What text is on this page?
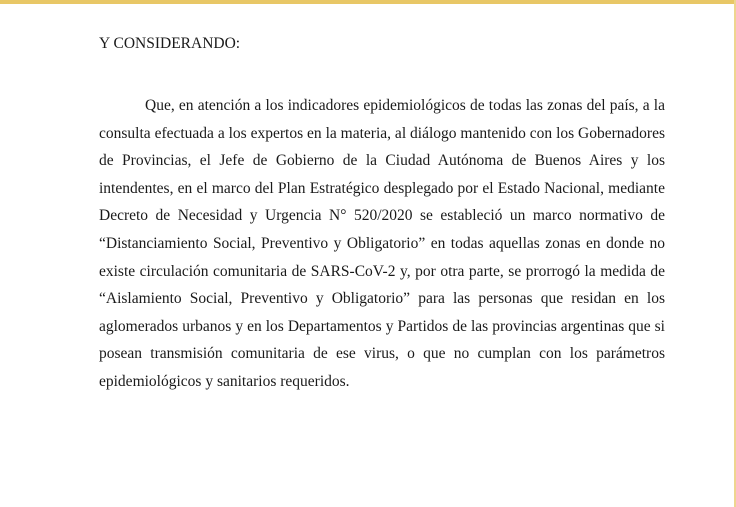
Y CONSIDERANDO:

Que, en atención a los indicadores epidemiológicos de todas las zonas del país, a la consulta efectuada a los expertos en la materia, al diálogo mantenido con los Gobernadores de Provincias, el Jefe de Gobierno de la Ciudad Autónoma de Buenos Aires y los intendentes, en el marco del Plan Estratégico desplegado por el Estado Nacional, mediante Decreto de Necesidad y Urgencia N° 520/2020 se estableció un marco normativo de “Distanciamiento Social, Preventivo y Obligatorio” en todas aquellas zonas en donde no existe circulación comunitaria de SARS-CoV-2 y, por otra parte, se prorrogó la medida de “Aislamiento Social, Preventivo y Obligatorio” para las personas que residan en los aglomerados urbanos y en los Departamentos y Partidos de las provincias argentinas que si posean transmisión comunitaria de ese virus, o que no cumplan con los parámetros epidemiológicos y sanitarios requeridos.
